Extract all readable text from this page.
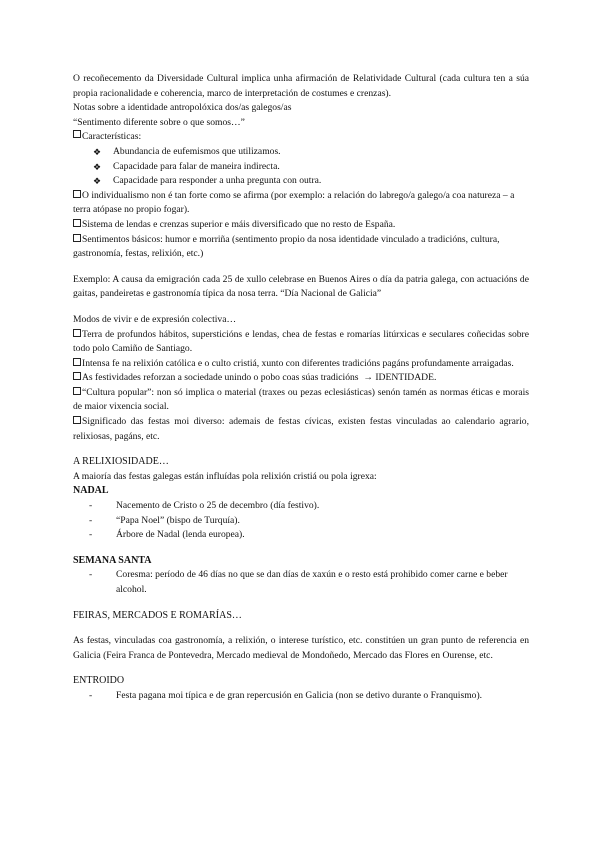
O recoñecemento da Diversidade Cultural implica unha afirmación de Relatividade Cultural (cada cultura ten a súa propia racionalidade e coherencia, marco de interpretación de costumes e crenzas).

Notas sobre a identidade antropolóxica dos/as galegos/as

“Sentimento diferente sobre o que somos…”

Características:
❖	Abundancia de eufemismos que utilizamos.
❖	Capacidade para falar de maneira indirecta.
❖	Capacidade para responder a unha pregunta con outra.

O individualismo non é tan forte como se afirma (por exemplo: a relación do labrego/a galego/a coa natureza – a terra atópase no propio fogar).

Sistema de lendas e crenzas superior e máis diversificado que no resto de España.

Sentimentos básicos: humor e morriña (sentimento propio da nosa identidade vinculado a tradicións, cultura, gastronomía, festas, relixión, etc.)

Exemplo: A causa da emigración cada 25 de xullo celebrase en Buenos Aires o día da patria galega, con actuacións de gaitas, pandeiretas e gastronomía típica da nosa terra. “Día Nacional de Galicia”

Modos de vivir e de expresión colectiva…

Terra de profundos hábitos, supersticións e lendas, chea de festas e romarías litúrxicas e seculares coñecidas sobre todo polo Camiño de Santiago.

Intensa fe na relixión católica e o culto cristiá, xunto con diferentes tradicións pagáns profundamente arraigadas.

As festividades reforzan a sociedade unindo o pobo coas súas tradicións → IDENTIDADE.

“Cultura popular”: non só implica o material (traxes ou pezas eclesiásticas) senón tamén as normas éticas e morais de maior vixencia social.

Significado das festas moi diverso: ademais de festas cívicas, existen festas vinculadas ao calendario agrario, relixiosas, pagáns, etc.

A RELIXIOSIDADE…

A maioría das festas galegas están influídas pola relixión cristiá ou pola igrexa:

NADAL

-	Nacemento de Cristo o 25 de decembro (día festivo).
-	“Papa Noel” (bispo de Turquía).
-	Árbore de Nadal (lenda europea).

SEMANA SANTA

-	Coresma: período de 46 días no que se dan días de xaxún e o resto está prohibido comer carne e beber alcohol.

FEIRAS, MERCADOS E ROMARÍAS…

As festas, vinculadas coa gastronomía, a relixión, o interese turístico, etc. constitúen un gran punto de referencia en Galicia (Feira Franca de Pontevedra, Mercado medieval de Mondoñedo, Mercado das Flores en Ourense, etc.

ENTROIDO

-	Festa pagana moi típica e de gran repercusión en Galicia (non se detivo durante o Franquismo).
